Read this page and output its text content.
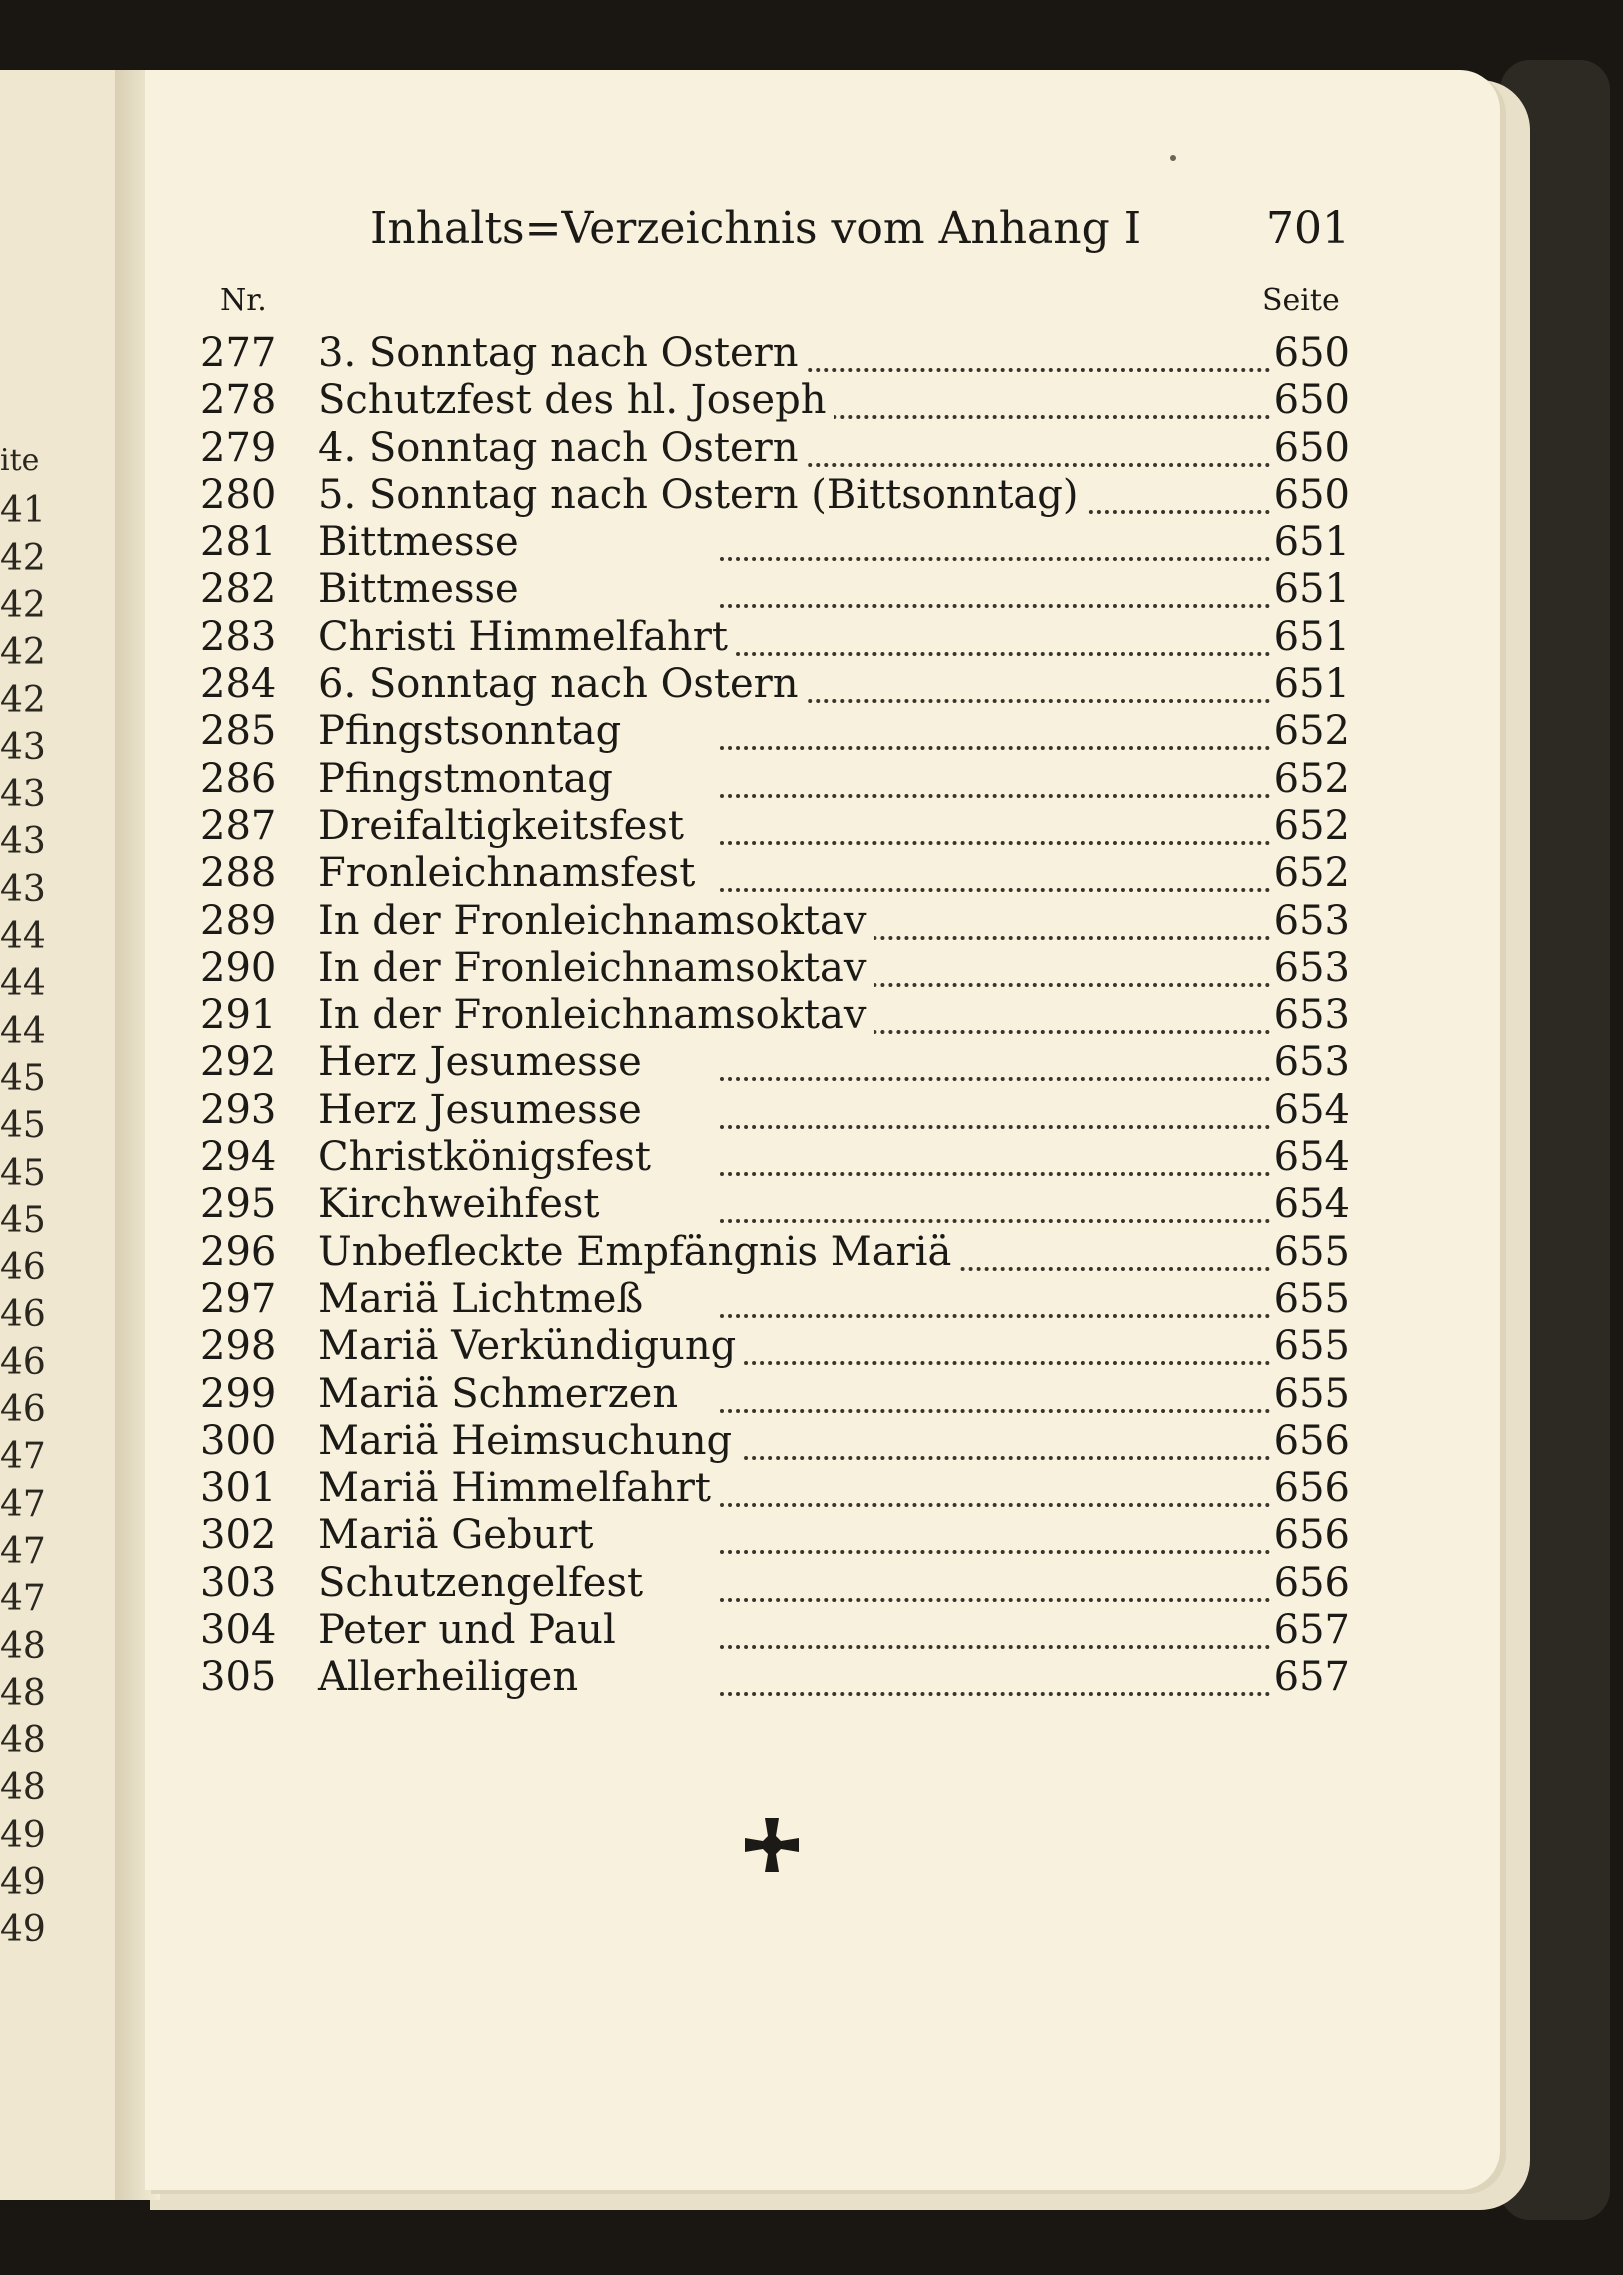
ite
41
42
42
42
42
43
43
43
43
44
44
44
45
45
45
45
46
46
46
46
47
47
47
47
48
48
48
48
49
49
49
Inhalts=Verzeichnis vom Anhang I	701
Nr.	Seite
277 3. Sonntag nach Ostern	650
278 Schutzfest des hl. Joseph	650
279 4. Sonntag nach Ostern	650
280 5. Sonntag nach Ostern (Bittsonntag)	650
281 Bittmesse	651
282 Bittmesse	651
283 Christi Himmelfahrt	651
284 6. Sonntag nach Ostern	651
285 Pfingstsonntag	652
286 Pfingstmontag	652
287 Dreifaltigkeitsfest	652
288 Fronleichnamsfest	652
289 In der Fronleichnamsoktav	653
290 In der Fronleichnamsoktav	653
291 In der Fronleichnamsoktav	653
292 Herz Jesumesse	653
293 Herz Jesumesse	654
294 Christkönigsfest	654
295 Kirchweihfest	654
296 Unbefleckte Empfängnis Mariä	655
297 Mariä Lichtmeß	655
298 Mariä Verkündigung	655
299 Mariä Schmerzen	655
300 Mariä Heimsuchung	656
301 Mariä Himmelfahrt	656
302 Mariä Geburt	656
303 Schutzengelfest	656
304 Peter und Paul	657
305 Allerheiligen	657
